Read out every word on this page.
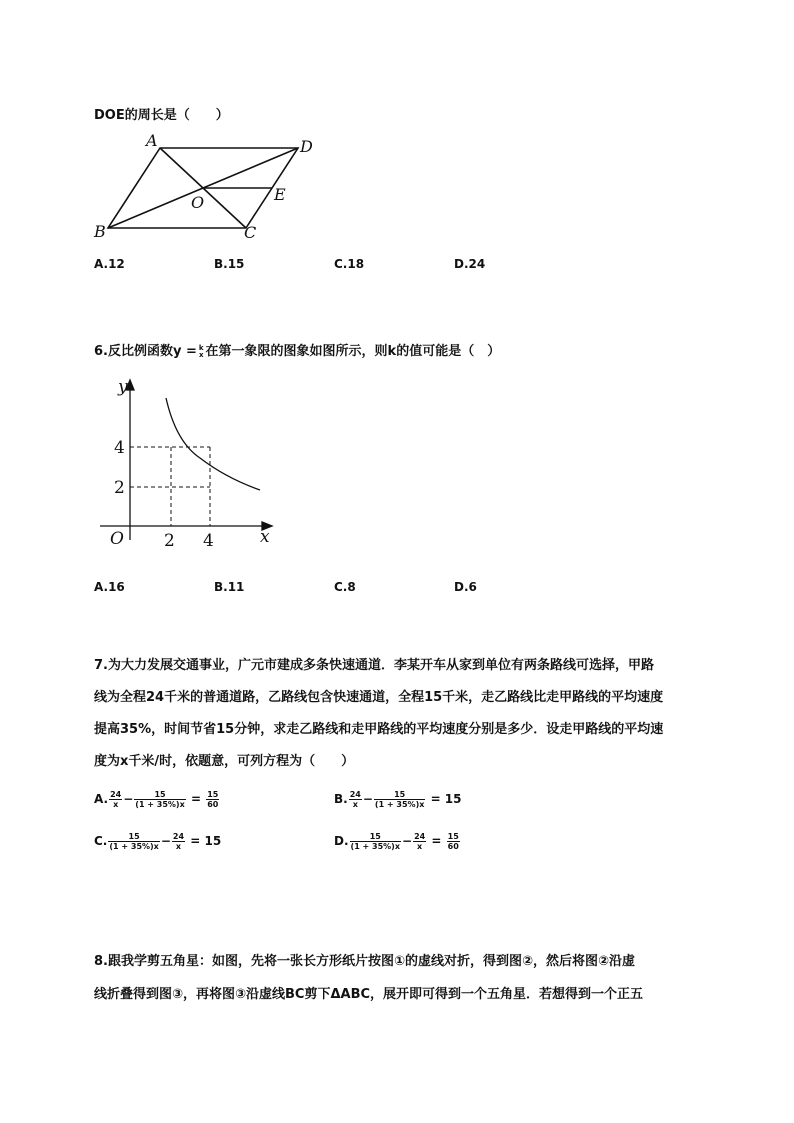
DOE的周长是（　　）
A	D
E
O
B	C
A.12	B.15	C.18	D.24
6.反比例函数y = k
x 在第一象限的图象如图所示，则k的值可能是（　）
y
x
O
4
2
2 4
A.16	B.11	C.8	D.6
7.为大力发展交通事业，广元市建成多条快速通道．李某开车从家到单位有两条路线可选择，甲路
线为全程24千米的普通道路，乙路线包含快速通道，全程15千米，走乙路线比走甲路线的平均速度
提高35%，时间节省15分钟，求走乙路线和走甲路线的平均速度分别是多少．设走甲路线的平均速
度为x千米/时，依题意，可列方程为（　　）
A. $\frac{24}{x} - \frac{15}{(1 + 35\%)x} = \frac{15}{60}$	B. $\frac{24}{x} - \frac{15}{(1 + 35\%)x} = 15$
C. $\frac{15}{(1 + 35\%)x} - \frac{24}{x} = 15$	D. $\frac{15}{(1 + 35\%)x} - \frac{24}{x} = \frac{15}{60}$
8.跟我学剪五角星：如图，先将一张长方形纸片按图①的虚线对折，得到图②，然后将图②沿虚
线折叠得到图③，再将图③沿虚线BC剪下ΔABC，展开即可得到一个五角星．若想得到一个正五
